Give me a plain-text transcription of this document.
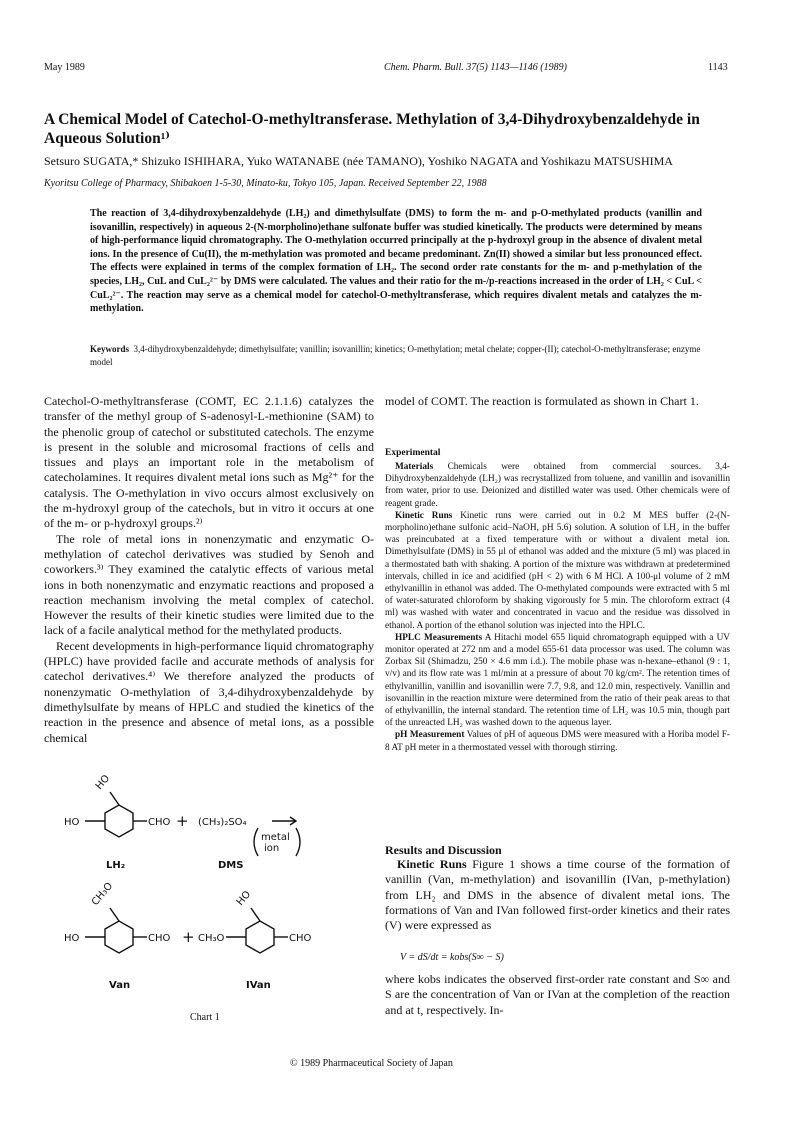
May 1989	Chem. Pharm. Bull. 37(5) 1143—1146 (1989)	1143
A Chemical Model of Catechol-O-methyltransferase. Methylation of 3,4-Dihydroxybenzaldehyde in Aqueous Solution¹⁾
Setsuro SUGATA,* Shizuko ISHIHARA, Yuko WATANABE (née TAMANO), Yoshiko NAGATA and Yoshikazu MATSUSHIMA
Kyoritsu College of Pharmacy, Shibakoen 1-5-30, Minato-ku, Tokyo 105, Japan. Received September 22, 1988
The reaction of 3,4-dihydroxybenzaldehyde (LH₂) and dimethylsulfate (DMS) to form the m- and p-O-methylated products (vanillin and isovanillin, respectively) in aqueous 2-(N-morpholino)ethane sulfonate buffer was studied kinetically. The products were determined by means of high-performance liquid chromatography. The O-methylation occurred principally at the p-hydroxyl group in the absence of divalent metal ions. In the presence of Cu(II), the m-methylation was promoted and became predominant. Zn(II) showed a similar but less pronounced effect. The effects were explained in terms of the complex formation of LH₂. The second order rate constants for the m- and p-methylation of the species, LH₂, CuL and CuL₂²⁻ by DMS were calculated. The values and their ratio for the m-/p-reactions increased in the order of LH₂ < CuL < CuL₂²⁻. The reaction may serve as a chemical model for catechol-O-methyltransferase, which requires divalent metals and catalyzes the m-methylation.
Keywords 3,4-dihydroxybenzaldehyde; dimethylsulfate; vanillin; isovanillin; kinetics; O-methylation; metal chelate; copper-(II); catechol-O-methyltransferase; enzyme model

Catechol-O-methyltransferase (COMT, EC 2.1.1.6) catalyzes the transfer of the methyl group of S-adenosyl-L-methionine (SAM) to the phenolic group of catechol or substituted catechols. The enzyme is present in the soluble and microsomal fractions of cells and tissues and plays an important role in the metabolism of catecholamines. It requires divalent metal ions such as Mg²⁺ for the catalysis. The O-methylation in vivo occurs almost exclusively on the m-hydroxyl group of the catechols, but in vitro it occurs at one of the m- or p-hydroxyl groups.²⁾

The role of metal ions in nonenzymatic and enzymatic O-methylation of catechol derivatives was studied by Senoh and coworkers.³⁾ They examined the catalytic effects of various metal ions in both nonenzymatic and enzymatic reactions and proposed a reaction mechanism involving the metal complex of catechol. However the results of their kinetic studies were limited due to the lack of a facile analytical method for the methylated products.

Recent developments in high-performance liquid chromatography (HPLC) have provided facile and accurate methods of analysis for catechol derivatives.⁴⁾ We therefore analyzed the products of nonenzymatic O-methylation of 3,4-dihydroxybenzaldehyde by dimethylsulfate by means of HPLC and studied the kinetics of the reaction in the presence and absence of metal ions, as a possible chemical

model of COMT. The reaction is formulated as shown in Chart 1.

Experimental

Materials Chemicals were obtained from commercial sources. 3,4-Dihydroxybenzaldehyde (LH₂) was recrystallized from toluene, and vanillin and isovanillin from water, prior to use. Deionized and distilled water was used. Other chemicals were of reagent grade.

Kinetic Runs Kinetic runs were carried out in 0.2 M MES buffer (2-(N-morpholino)ethane sulfonic acid–NaOH, pH 5.6) solution. A solution of LH₂ in the buffer was preincubated at a fixed temperature with or without a divalent metal ion. Dimethylsulfate (DMS) in 55 μl of ethanol was added and the mixture (5 ml) was placed in a thermostated bath with shaking. A portion of the mixture was withdrawn at predetermined intervals, chilled in ice and acidified (pH < 2) with 6 M HCl. A 100-μl volume of 2 mM ethylvanillin in ethanol was added. The O-methylated compounds were extracted with 5 ml of water-saturated chloroform by shaking vigorously for 5 min. The chloroform extract (4 ml) was washed with water and concentrated in vacuo and the residue was dissolved in ethanol. A portion of the ethanol solution was injected into the HPLC.

HPLC Measurements A Hitachi model 655 liquid chromatograph equipped with a UV monitor operated at 272 nm and a model 655-61 data processor was used. The column was Zorbax Sil (Shimadzu, 250 × 4.6 mm i.d.). The mobile phase was n-hexane–ethanol (9 : 1, v/v) and its flow rate was 1 ml/min at a pressure of about 70 kg/cm². The retention times of ethylvanillin, vanillin and isovanillin were 7.7, 9.8, and 12.0 min, respectively. Vanillin and isovanillin in the reaction mixture were determined from the ratio of their peak areas to that of ethylvanillin, the internal standard. The retention time of LH₂ was 10.5 min, though part of the unreacted LH₂ was washed down to the aqueous layer.

pH Measurement Values of pH of aqueous DMS were measured with a Horiba model F-8 AT pH meter in a thermostated vessel with thorough stirring.

Results and Discussion

Kinetic Runs Figure 1 shows a time course of the formation of vanillin (Van, m-methylation) and isovanillin (IVan, p-methylation) from LH₂ and DMS in the absence of divalent metal ions. The formations of Van and IVan followed first-order kinetics and their rates (V) were expressed as

V = dS/dt = kobs(S∞ − S)
where kobs indicates the observed first-order rate constant and S∞ and S are the concentration of Van or IVan at the completion of the reaction and at t, respectively. In-
HO
HO	CHO + (CH₃)₂SO₄
metal
ion
LH₂	DMS
CH₃O
HO	CHO + CH₃O
HO
CHO
Van	IVan
Chart 1
© 1989 Pharmaceutical Society of Japan
